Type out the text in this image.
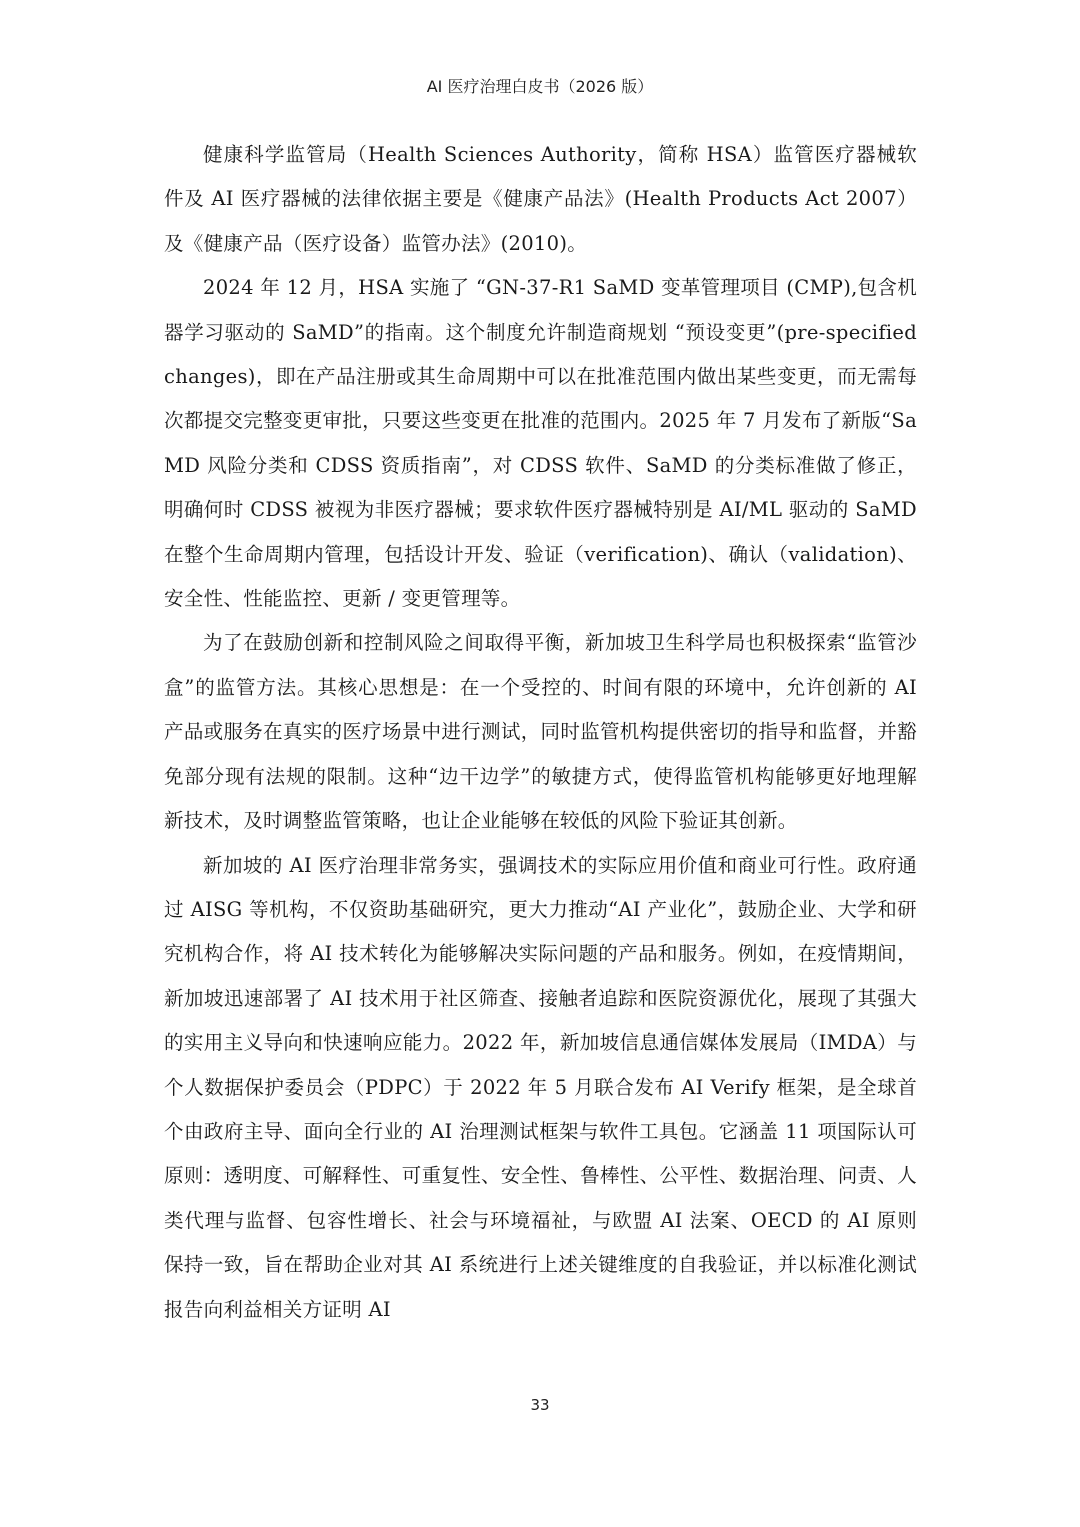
AI 医疗治理白皮书（2026 版）

健康科学监管局（Health Sciences Authority，简称 HSA）监管医疗器械软件及 AI 医疗器械的法律依据主要是《健康产品法》(Health Products Act 2007）及《健康产品（医疗设备）监管办法》(2010)。

2024 年 12 月，HSA 实施了 “GN-37-R1 SaMD 变革管理项目 (CMP),包含机器学习驱动的 SaMD”的指南。这个制度允许制造商规划 “预设变更”(pre-specified changes)，即在产品注册或其生命周期中可以在批准范围内做出某些变更，而无需每次都提交完整变更审批，只要这些变更在批准的范围内。2025 年 7 月发布了新版“SaMD 风险分类和 CDSS 资质指南”，对 CDSS 软件、SaMD 的分类标准做了修正，明确何时 CDSS 被视为非医疗器械；要求软件医疗器械特别是 AI/ML 驱动的 SaMD 在整个生命周期内管理，包括设计开发、验证（verification)、确认（validation)、安全性、性能监控、更新 / 变更管理等。

为了在鼓励创新和控制风险之间取得平衡，新加坡卫生科学局也积极探索“监管沙盒”的监管方法。其核心思想是：在一个受控的、时间有限的环境中，允许创新的 AI 产品或服务在真实的医疗场景中进行测试，同时监管机构提供密切的指导和监督，并豁免部分现有法规的限制。这种“边干边学”的敏捷方式，使得监管机构能够更好地理解新技术，及时调整监管策略，也让企业能够在较低的风险下验证其创新。

新加坡的 AI 医疗治理非常务实，强调技术的实际应用价值和商业可行性。政府通过 AISG 等机构，不仅资助基础研究，更大力推动“AI 产业化”，鼓励企业、大学和研究机构合作，将 AI 技术转化为能够解决实际问题的产品和服务。例如，在疫情期间，新加坡迅速部署了 AI 技术用于社区筛查、接触者追踪和医院资源优化，展现了其强大的实用主义导向和快速响应能力。2022 年，新加坡信息通信媒体发展局（IMDA）与个人数据保护委员会（PDPC）于 2022 年 5 月联合发布 AI Verify 框架，是全球首个由政府主导、面向全行业的 AI 治理测试框架与软件工具包。它涵盖 11 项国际认可原则：透明度、可解释性、可重复性、安全性、鲁棒性、公平性、数据治理、问责、人类代理与监督、包容性增长、社会与环境福祉，与欧盟 AI 法案、OECD 的 AI 原则保持一致，旨在帮助企业对其 AI 系统进行上述关键维度的自我验证，并以标准化测试报告向利益相关方证明 AI

33
